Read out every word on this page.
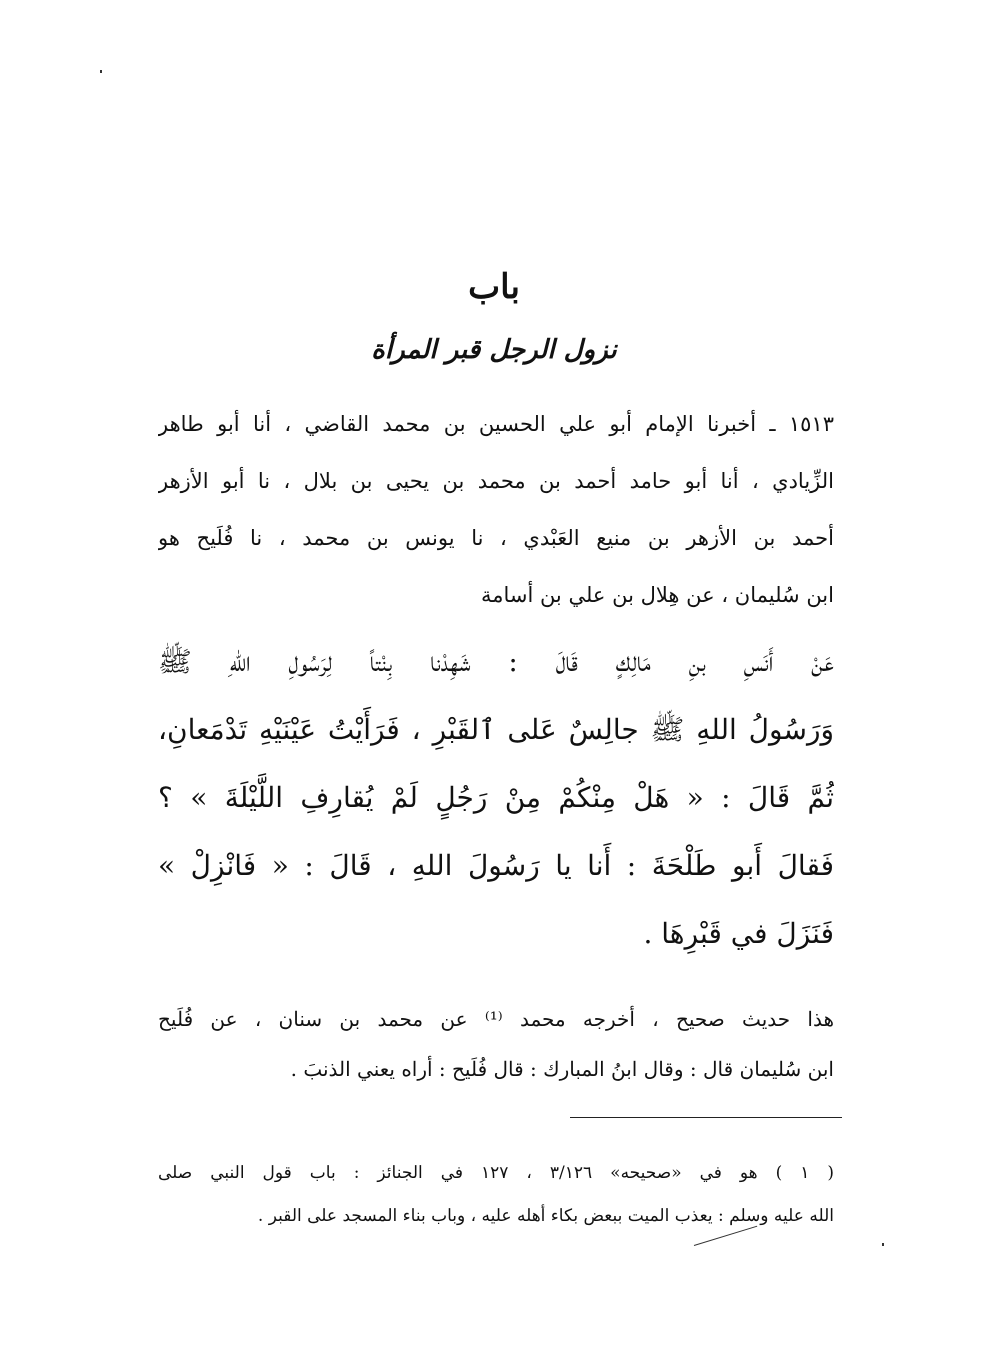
باب
نزول الرجل قبر المرأة
١٥١٣ ـ أخبرنا الإمام أبو علي الحسين بن محمد القاضي ، أنا أبو طاهر
الزِّيادي ، أنا أبو حامد أحمد بن محمد بن يحيى بن بلال ، نا أبو الأزهر
أحمد بن الأزهر بن منيع العَبْدي ، نا يونس بن محمد ، نا فُلَيح هو
ابن سُليمان ، عن هِلال بن علي بن أسامة
عَنْ أَنَسِ بنِ مَالِكٍ قَالَ : شَهِدْنا بِنْتاً لِرَسُولِ اللهِ ﷺ
وَرَسُولُ اللهِ ﷺ جالِسٌ عَلى ٱلقَبْرِ ، فَرَأَيْتُ عَيْنَيْهِ تَدْمَعانِ،
ثُمَّ قَالَ : « هَلْ مِنْكُمْ مِنْ رَجُلٍ لَمْ يُقارِفِ اللَّيْلَةَ » ؟
فَقالَ أَبو طَلْحَةَ : أَنا يا رَسُولَ اللهِ ، قَالَ : « فَانْزِلْ »
فَنَزَلَ في قَبْرِهَا .
هذا حديث صحيح ، أخرجه محمد ⁽¹⁾ عن محمد بن سنان ، عن فُلَيح
ابن سُليمان قال : وقال ابنُ المبارك : قال فُلَيح : أراه يعني الذنبَ .
( ١ ) هو في «صحيحه» ٣/١٢٦ ، ١٢٧ في الجنائز : باب قول النبي صلى
الله عليه وسلم : يعذب الميت ببعض بكاء أهله عليه ، وباب بناء المسجد على القبر .
